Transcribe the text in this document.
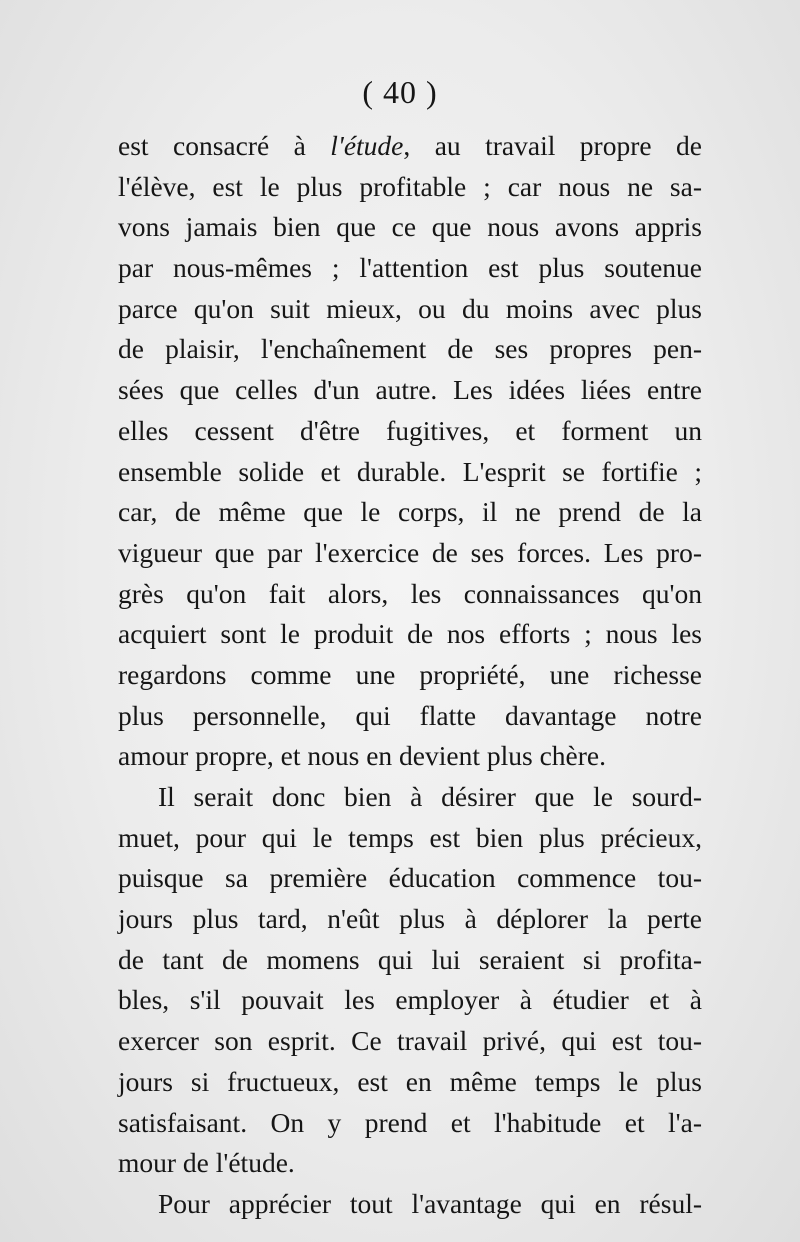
( 40 )
est consacré à l'étude, au travail propre de
l'élève, est le plus profitable ; car nous ne sa-
vons jamais bien que ce que nous avons appris
par nous-mêmes ; l'attention est plus soutenue
parce qu'on suit mieux, ou du moins avec plus
de plaisir, l'enchaînement de ses propres pen-
sées que celles d'un autre. Les idées liées entre
elles cessent d'être fugitives, et forment un
ensemble solide et durable. L'esprit se fortifie ;
car, de même que le corps, il ne prend de la
vigueur que par l'exercice de ses forces. Les pro-
grès qu'on fait alors, les connaissances qu'on
acquiert sont le produit de nos efforts ; nous les
regardons comme une propriété, une richesse
plus personnelle, qui flatte davantage notre
amour propre, et nous en devient plus chère.
Il serait donc bien à désirer que le sourd-
muet, pour qui le temps est bien plus précieux,
puisque sa première éducation commence tou-
jours plus tard, n'eût plus à déplorer la perte
de tant de momens qui lui seraient si profita-
bles, s'il pouvait les employer à étudier et à
exercer son esprit. Ce travail privé, qui est tou-
jours si fructueux, est en même temps le plus
satisfaisant. On y prend et l'habitude et l'a-
mour de l'étude.
Pour apprécier tout l'avantage qui en résul-
